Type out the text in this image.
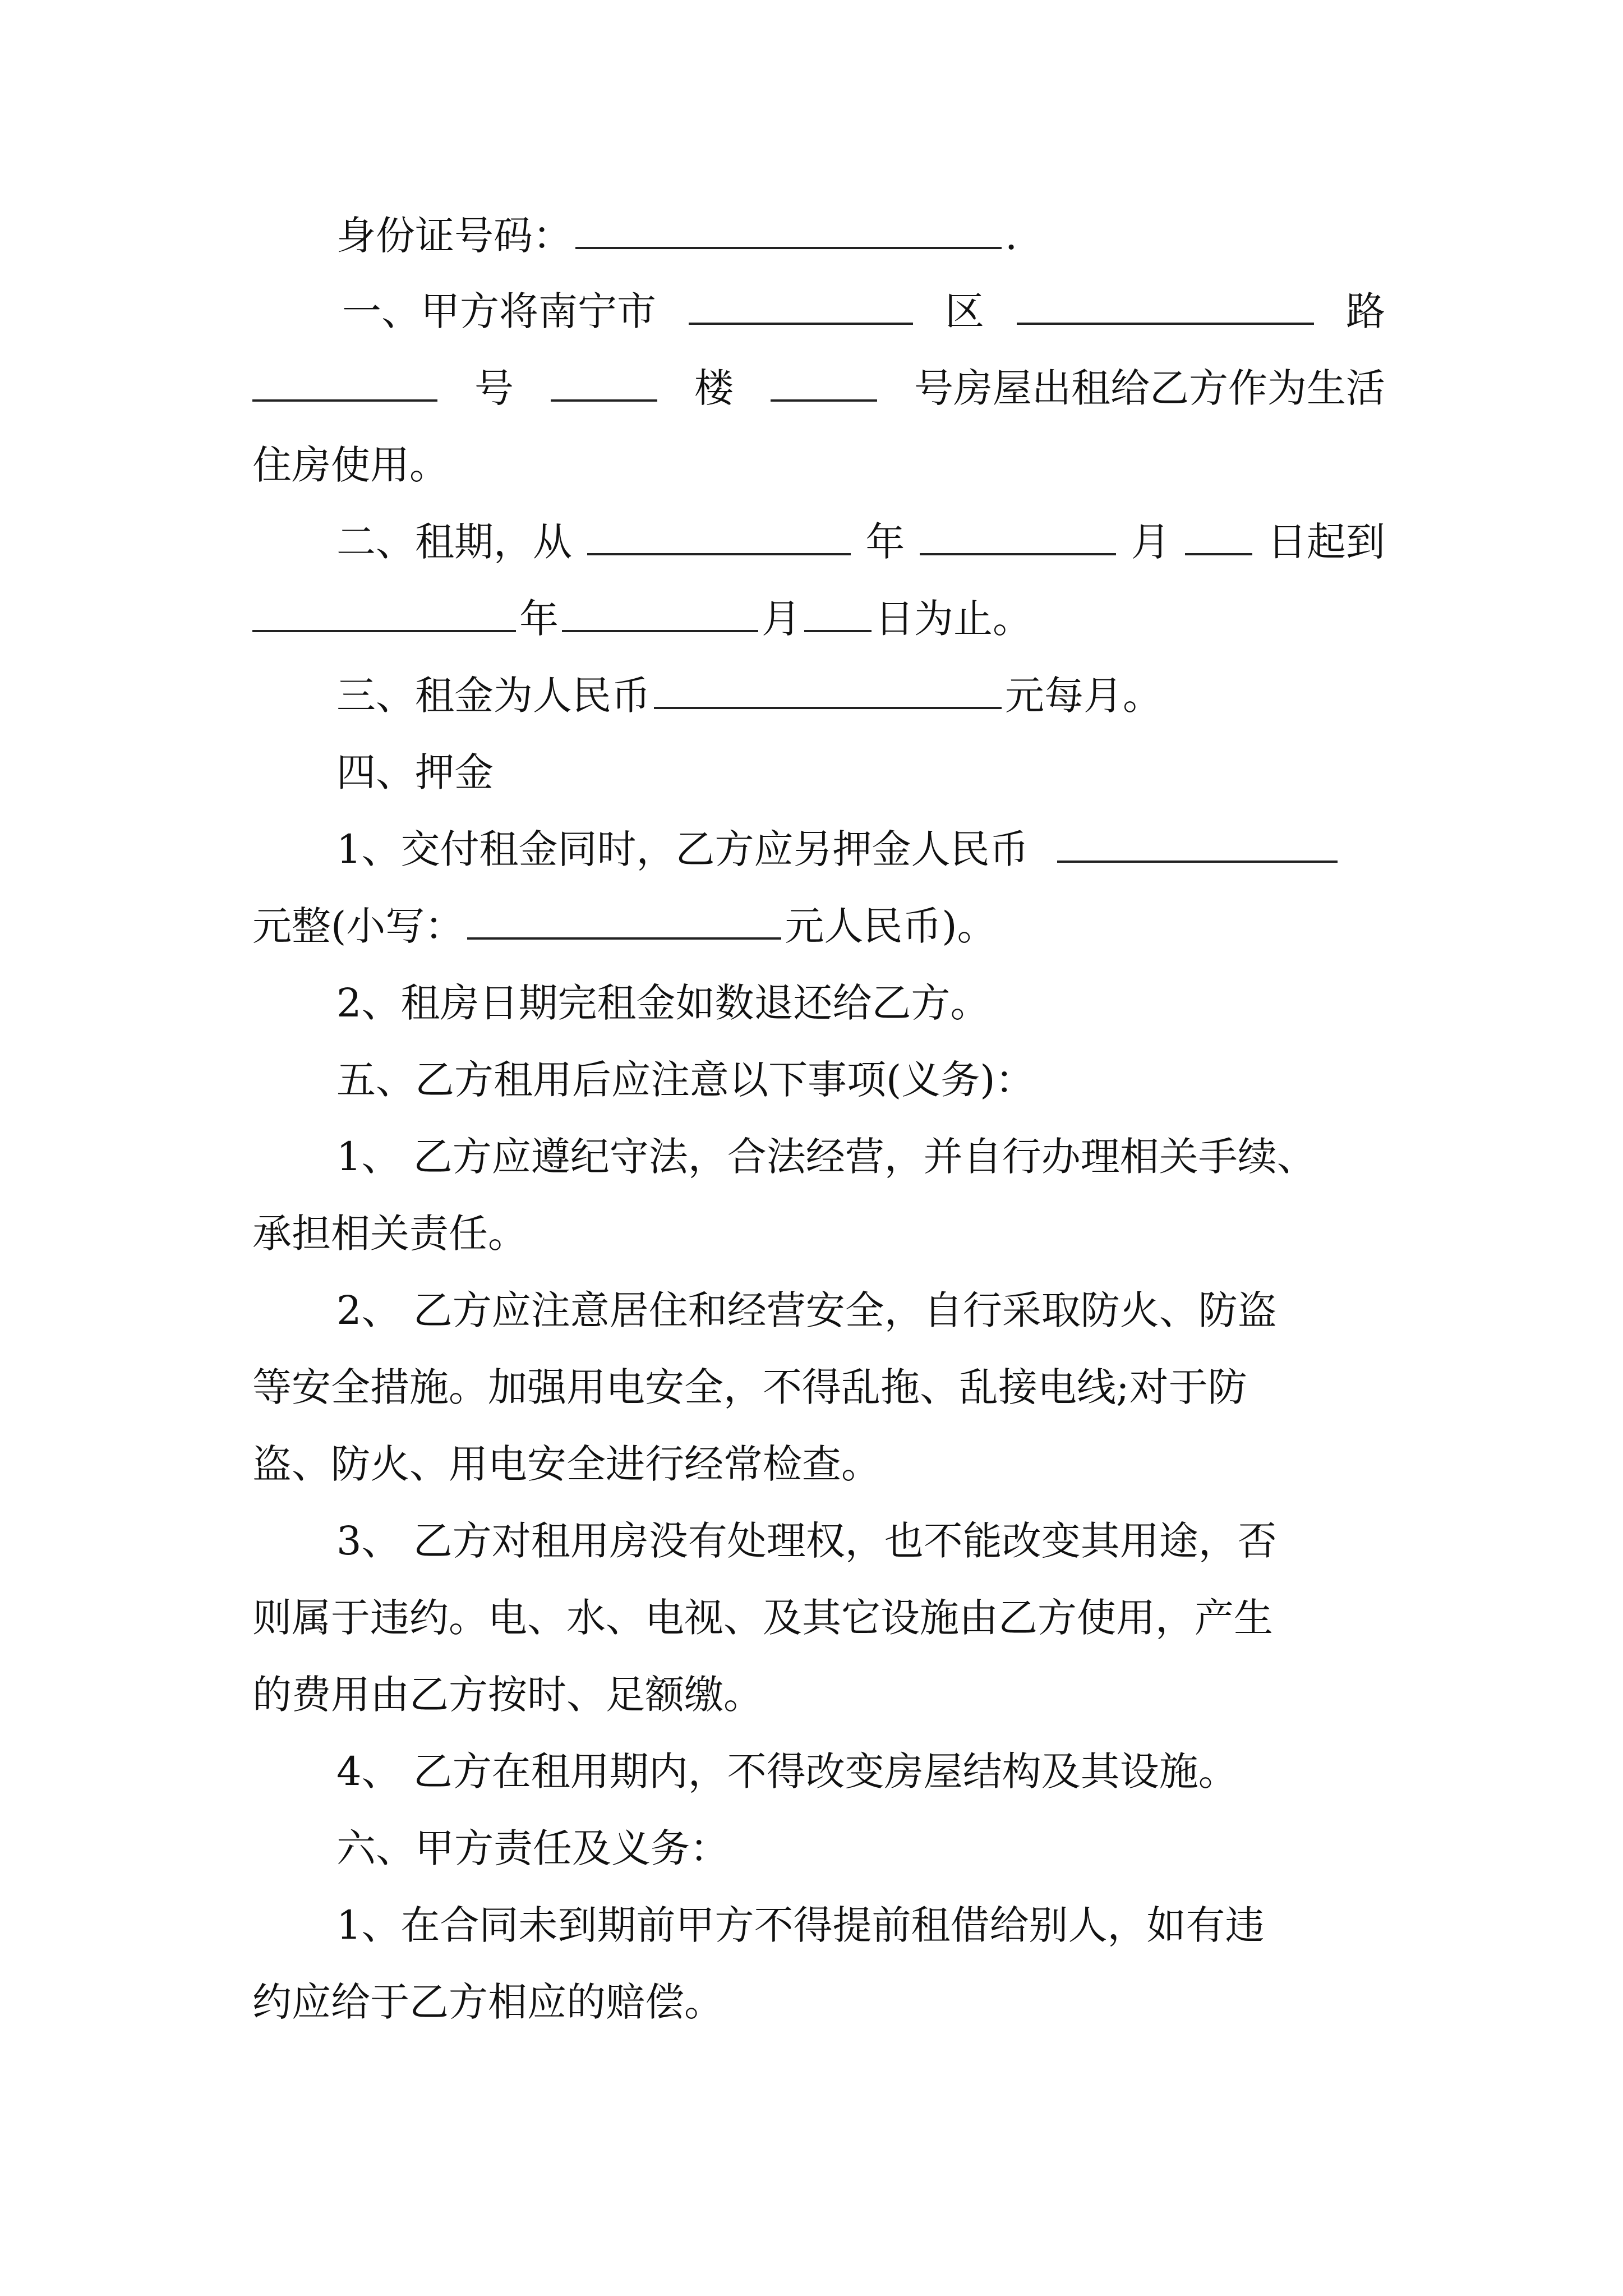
身份证号码：	.
一、甲方将南宁市	区	路
号	楼	号房屋出租给乙方作为生活
住房使用。
二、租期，从	年	月 日起到
年	月 日为止。
三、租金为人民币	元每月。
四、押金
1、交付租金同时，乙方应另押金人民币
元整(小写：	元人民币)。
2、租房日期完租金如数退还给乙方。
五、乙方租用后应注意以下事项(义务)：
1、 乙方应遵纪守法，合法经营，并自行办理相关手续、
承担相关责任。
2、 乙方应注意居住和经营安全，自行采取防火、防盗
等安全措施。加强用电安全，不得乱拖、乱接电线;对于防
盗、防火、用电安全进行经常检查。
3、 乙方对租用房没有处理权，也不能改变其用途，否
则属于违约。电、水、电视、及其它设施由乙方使用，产生
的费用由乙方按时、足额缴。
4、 乙方在租用期内，不得改变房屋结构及其设施。
六、甲方责任及义务：
1、在合同未到期前甲方不得提前租借给别人，如有违
约应给于乙方相应的赔偿。
